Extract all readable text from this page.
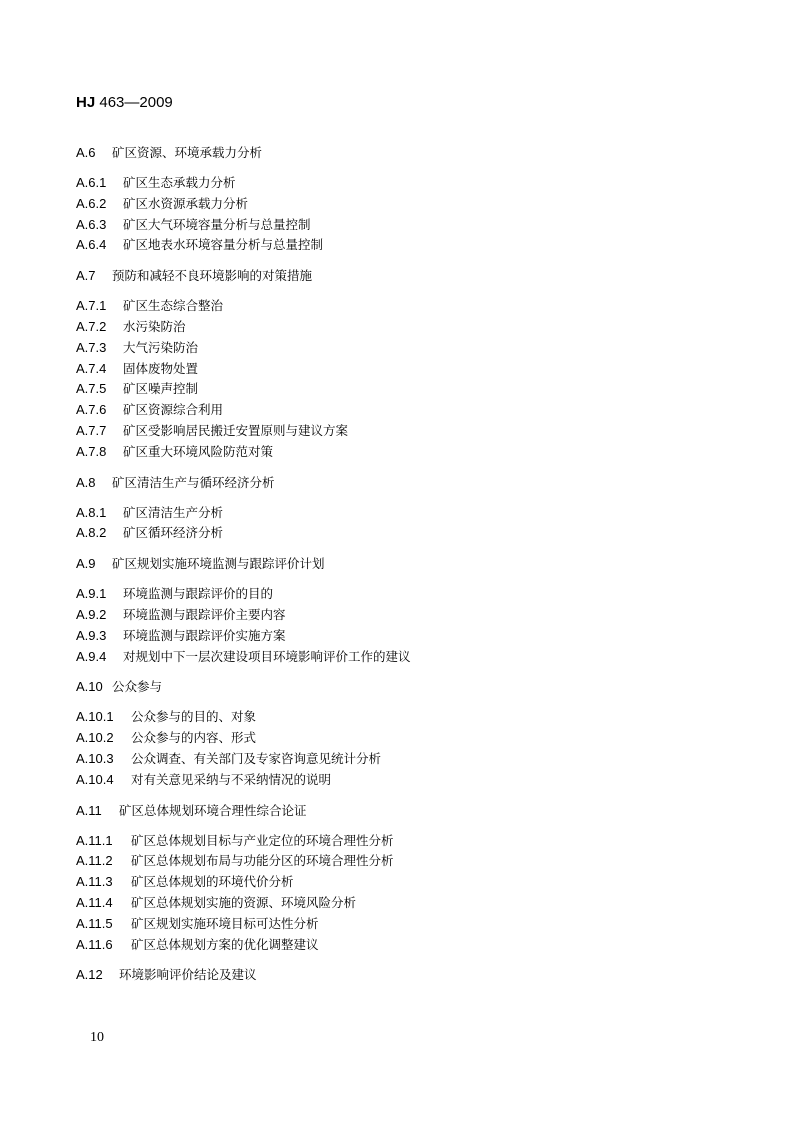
HJ 463—2009
A.6 矿区资源、环境承载力分析
A.6.1 矿区生态承载力分析
A.6.2 矿区水资源承载力分析
A.6.3 矿区大气环境容量分析与总量控制
A.6.4 矿区地表水环境容量分析与总量控制
A.7 预防和减轻不良环境影响的对策措施
A.7.1 矿区生态综合整治
A.7.2 水污染防治
A.7.3 大气污染防治
A.7.4 固体废物处置
A.7.5 矿区噪声控制
A.7.6 矿区资源综合利用
A.7.7 矿区受影响居民搬迁安置原则与建议方案
A.7.8 矿区重大环境风险防范对策
A.8 矿区清洁生产与循环经济分析
A.8.1 矿区清洁生产分析
A.8.2 矿区循环经济分析
A.9 矿区规划实施环境监测与跟踪评价计划
A.9.1 环境监测与跟踪评价的目的
A.9.2 环境监测与跟踪评价主要内容
A.9.3 环境监测与跟踪评价实施方案
A.9.4 对规划中下一层次建设项目环境影响评价工作的建议
A.10 公众参与
A.10.1 公众参与的目的、对象
A.10.2 公众参与的内容、形式
A.10.3 公众调查、有关部门及专家咨询意见统计分析
A.10.4 对有关意见采纳与不采纳情况的说明
A.11 矿区总体规划环境合理性综合论证
A.11.1 矿区总体规划目标与产业定位的环境合理性分析
A.11.2 矿区总体规划布局与功能分区的环境合理性分析
A.11.3 矿区总体规划的环境代价分析
A.11.4 矿区总体规划实施的资源、环境风险分析
A.11.5 矿区规划实施环境目标可达性分析
A.11.6 矿区总体规划方案的优化调整建议
A.12 环境影响评价结论及建议
10
